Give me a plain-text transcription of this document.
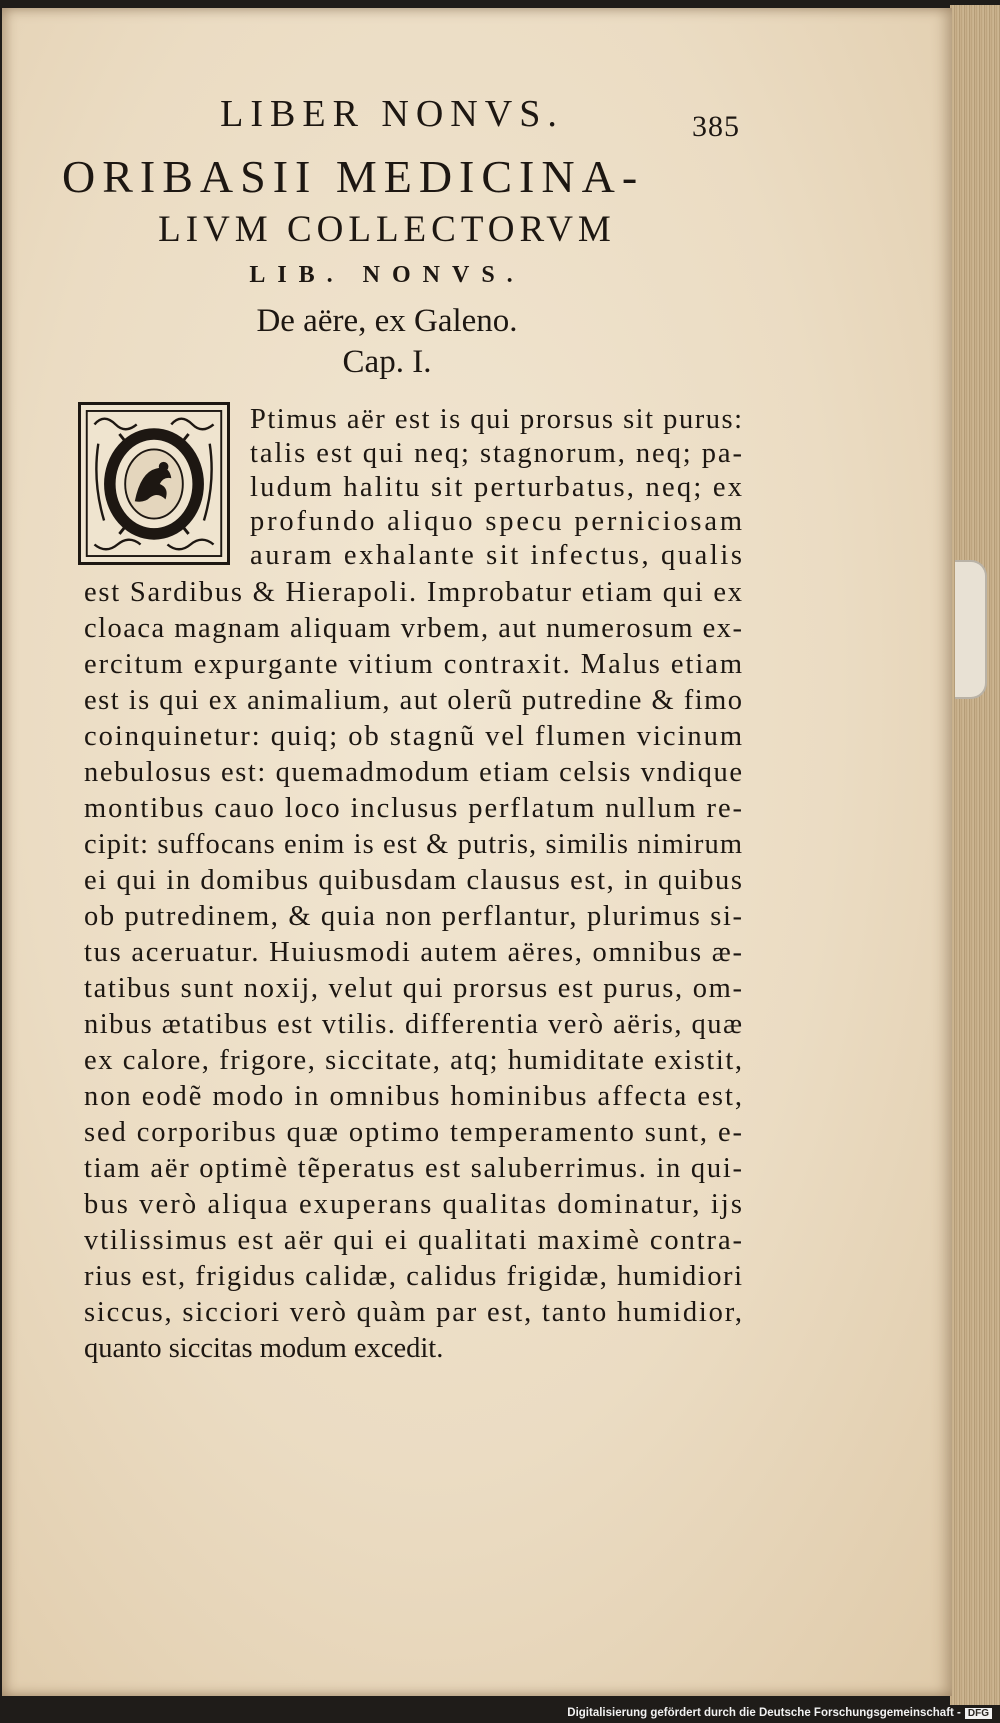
LIBER NONVS.	385
ORIBASII MEDICINA-
LIVM COLLECTORVM
LIB. NONVS.
De aëre, ex Galeno.
Cap. I.
Ptimus aër est is qui prorsus sit purus:
talis est qui neq; stagnorum, neq; pa-
ludum halitu sit perturbatus, neq; ex
profundo aliquo specu perniciosam
auram exhalante sit infectus, qualis
est Sardibus & Hierapoli. Improbatur etiam qui ex
cloaca magnam aliquam vrbem, aut numerosum ex-
ercitum expurgante vitium contraxit. Malus etiam
est is qui ex animalium, aut olerũ putredine & fimo
coinquinetur: quiq; ob stagnũ vel flumen vicinum
nebulosus est: quemadmodum etiam celsis vndique
montibus cauo loco inclusus perflatum nullum re-
cipit: suffocans enim is est & putris, similis nimirum
ei qui in domibus quibusdam clausus est, in quibus
ob putredinem, & quia non perflantur, plurimus si-
tus aceruatur. Huiusmodi autem aëres, omnibus æ-
tatibus sunt noxij, velut qui prorsus est purus, om-
nibus ætatibus est vtilis. differentia verò aëris, quæ
ex calore, frigore, siccitate, atq; humiditate existit,
non eodẽ modo in omnibus hominibus affecta est,
sed corporibus quæ optimo temperamento sunt, e-
tiam aër optimè tẽperatus est saluberrimus. in qui-
bus verò aliqua exuperans qualitas dominatur, ijs
vtilissimus est aër qui ei qualitati maximè contra-
rius est, frigidus calidæ, calidus frigidæ, humidiori
siccus, sicciori verò quàm par est, tanto humidior,
quanto siccitas modum excedit.
Digitalisierung gefördert durch die Deutsche Forschungsgemeinschaft - DFG
